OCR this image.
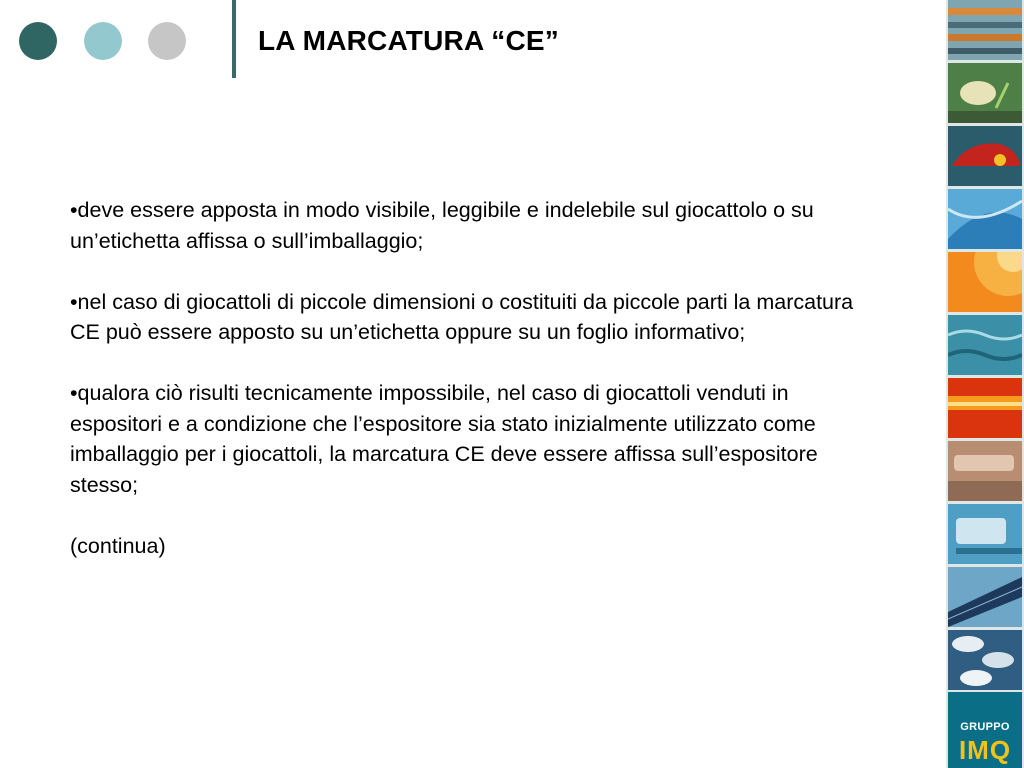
LA MARCATURA “CE”

•deve essere apposta in modo visibile, leggibile e indelebile sul giocattolo o su un’etichetta affissa o sull’imballaggio;

•nel caso di giocattoli di piccole dimensioni o costituiti da piccole parti la marcatura CE può essere apposto su un’etichetta oppure su un foglio informativo;

•qualora ciò risulti tecnicamente impossibile, nel caso di giocattoli venduti in espositori e a condizione che l’espositore sia stato inizialmente utilizzato come imballaggio per i giocattoli, la marcatura CE deve essere affissa sull’espositore stesso;

(continua)

GRUPPO
IMQ
